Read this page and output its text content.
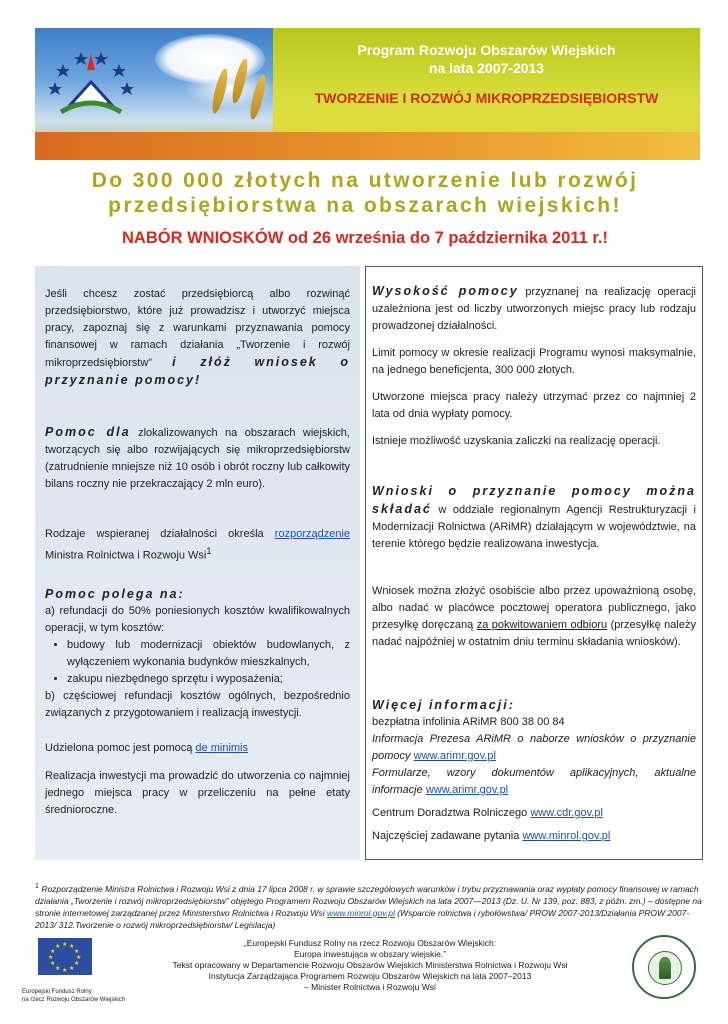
Program Rozwoju Obszarów Wiejskich
na lata 2007-2013
TWORZENIE I ROZWÓJ MIKROPRZEDSIĘBIORSTW
Do 300 000 złotych na utworzenie lub rozwój
przedsiębiorstwa na obszarach wiejskich!
NABÓR WNIOSKÓW od 26 września do 7 października 2011 r.!
Jeśli chcesz zostać przedsiębiorcą albo rozwinąć przedsiębiorstwo, które już prowadzisz i utworzyć miejsca pracy, zapoznaj się z warunkami przyznawania pomocy finansowej w ramach działania „Tworzenie i rozwój mikroprzedsiębiorstw” i złóż wniosek o przyznanie pomocy!
Pomoc dla zlokalizowanych na obszarach wiejskich, tworzących się albo rozwijających się mikroprzedsiębiorstw (zatrudnienie mniejsze niż 10 osób i obrót roczny lub całkowity bilans roczny nie przekraczający 2 mln euro).
Rodzaje wspieranej działalności określa rozporządzenie Ministra Rolnictwa i Rozwoju Wsi$^1$
Pomoc polega na:
a) refundacji do 50% poniesionych kosztów kwalifikowalnych operacji, w tym kosztów:
• budowy lub modernizacji obiektów budowlanych, z wyłączeniem wykonania budynków mieszkalnych,
• zakupu niezbędnego sprzętu i wyposażenia;
b) częściowej refundacji kosztów ogólnych, bezpośrednio związanych z przygotowaniem i realizacją inwestycji.
Udzielona pomoc jest pomocą de minimis
Realizacja inwestycji ma prowadzić do utworzenia co najmniej jednego miejsca pracy w przeliczeniu na pełne etaty średnioroczne.
Wysokość pomocy przyznanej na realizację operacji uzależniona jest od liczby utworzonych miejsc pracy lub rodzaju prowadzonej działalności.
Limit pomocy w okresie realizacji Programu wynosi maksymalnie, na jednego beneficjenta, 300 000 złotych.
Utworzone miejsca pracy należy utrzymać przez co najmniej 2 lata od dnia wypłaty pomocy.
Istnieje możliwość uzyskania zaliczki na realizację operacji.
Wnioski o przyznanie pomocy można składać w oddziale regionalnym Agencji Restrukturyzacji i Modernizacji Rolnictwa (ARiMR) działającym w województwie, na terenie którego będzie realizowana inwestycja.
Wniosek można złożyć osobiście albo przez upoważnioną osobę, albo nadać w placówce pocztowej operatora publicznego, jako przesyłkę doręczaną za pokwitowaniem odbioru (przesyłkę należy nadać najpóźniej w ostatnim dniu terminu składania wniosków).
Więcej informacji:
bezpłatna infolinia ARiMR 800 38 00 84
Informacja Prezesa ARiMR o naborze wniosków o przyznanie pomocy www.arimr.gov.pl
Formularze, wzory dokumentów aplikacyjnych, aktualne informacje www.arimr.gov.pl
Centrum Doradztwa Rolniczego www.cdr.gov.pl
Najczęściej zadawane pytania www.minrol.gov.pl
$^1$ Rozporządzenie Ministra Rolnictwa i Rozwoju Wsi z dnia 17 lipca 2008 r. w sprawie szczegółowych warunków i trybu przyznawania oraz wypłaty pomocy finansowej w ramach działania „Tworzenie i rozwój mikroprzedsiębiorstw” objętego Programem Rozwoju Obszarów Wiejskich na lata 2007—2013 (Dz. U. Nr 139, poz. 883, z późn. zm.) – dostępne na stronie internetowej zarządzanej przez Ministerstwo Rolnictwa i Rozwoju Wsi www.minrol.gov.pl (Wsparcie rolnictwa i rybołówstwa/ PROW 2007-2013/Działania PROW 2007-2013/ 312.Tworzenie o rozwój mikroprzedsiębiorstw/ Legislacja)
★ ★
★
★
★
★
★
★
★
★
★
★
Europejski Fundusz Rolny
na rzecz Rozwoju Obszarów Wiejskich
„Europejski Fundusz Rolny na rzecz Rozwoju Obszarów Wiejskich:
Europa inwestująca w obszary wiejskie.”
Tekst opracowany w Departamencie Rozwoju Obszarów Wiejskich Ministerstwa Rolnictwa i Rozwoju Wsi
Instytucja Zarządzająca Programem Rozwoju Obszarów Wiejskich na lata 2007–2013
– Minister Rolnictwa i Rozwoju Wsi
